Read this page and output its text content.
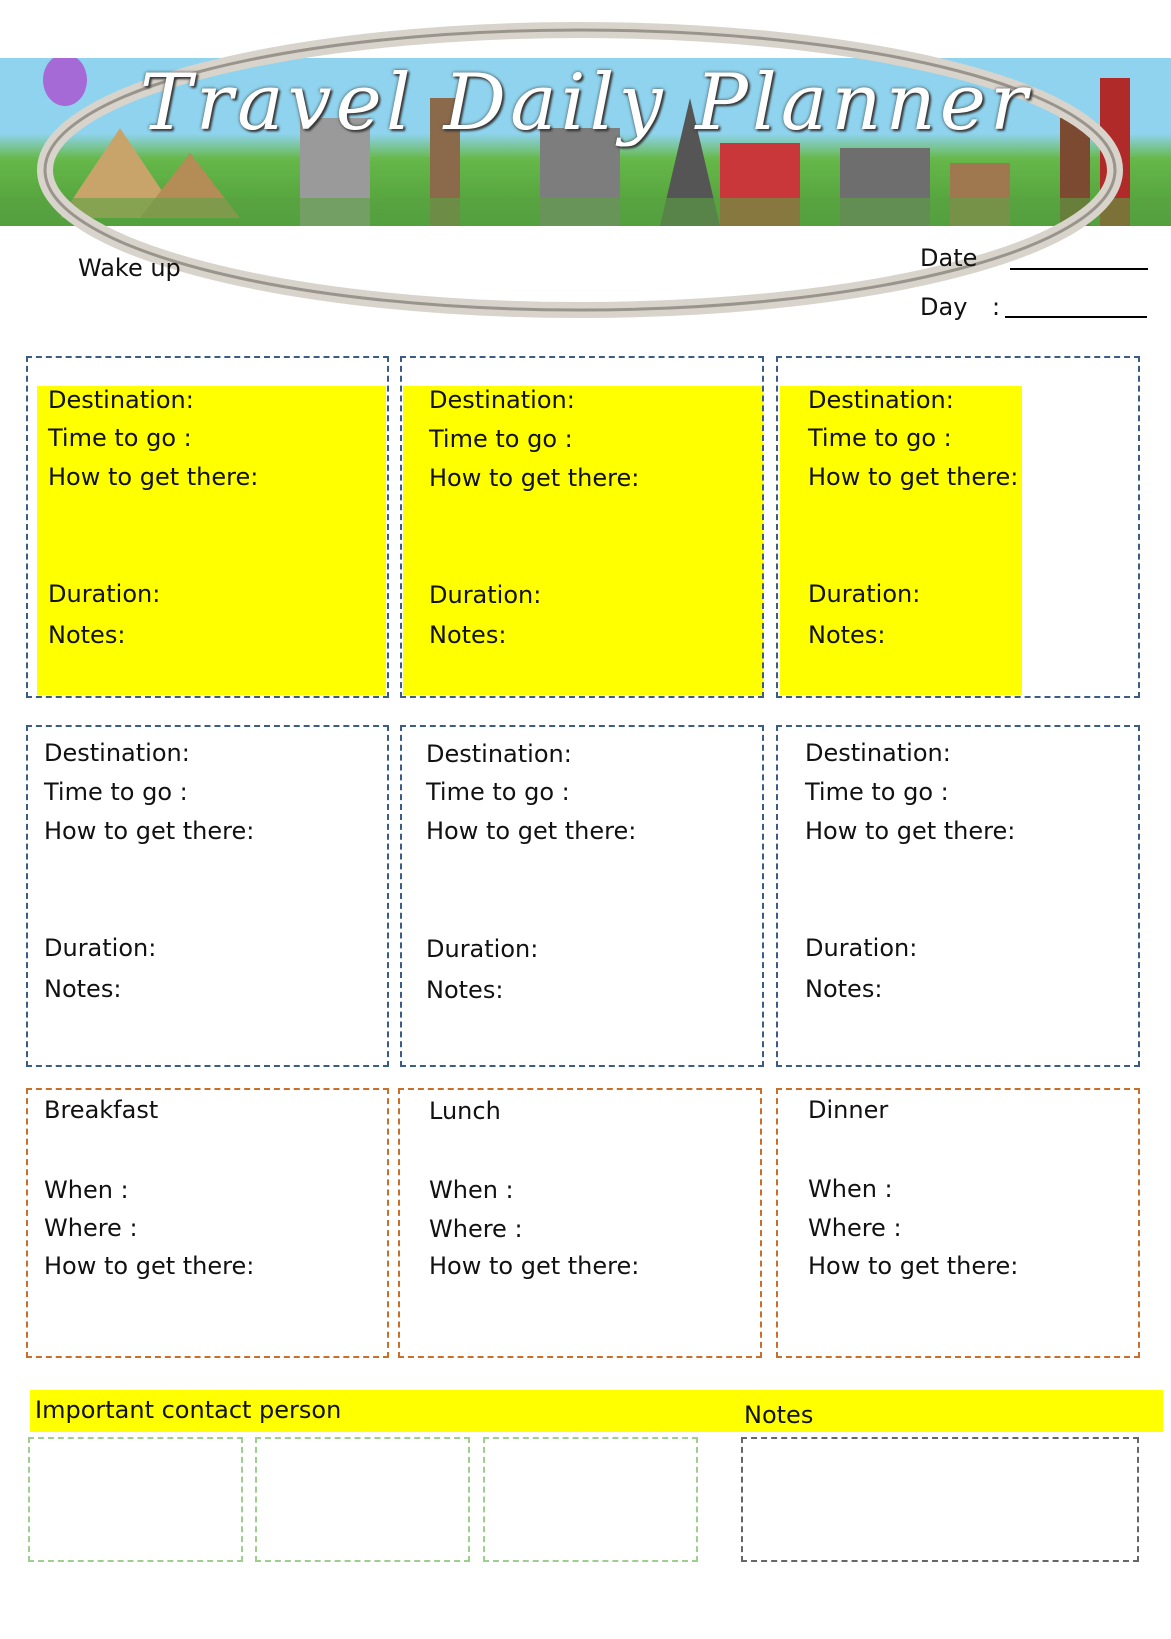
Travel Daily Planner
Wake up	Date
Day :
Destination:
Time to go :
How to get there:
Duration:
Notes:
Destination:
Time to go :
How to get there:
Duration:
Notes:
Destination:
Time to go :
How to get there:
Duration:
Notes:
Destination:
Time to go :
How to get there:
Duration:
Notes:
Destination:
Time to go :
How to get there:
Duration:
Notes:
Destination:
Time to go :
How to get there:
Duration:
Notes:
Breakfast
When :
Where :
How to get there:
Lunch
When :
Where :
How to get there:
Dinner
When :
Where :
How to get there:
Important contact person	Notes
